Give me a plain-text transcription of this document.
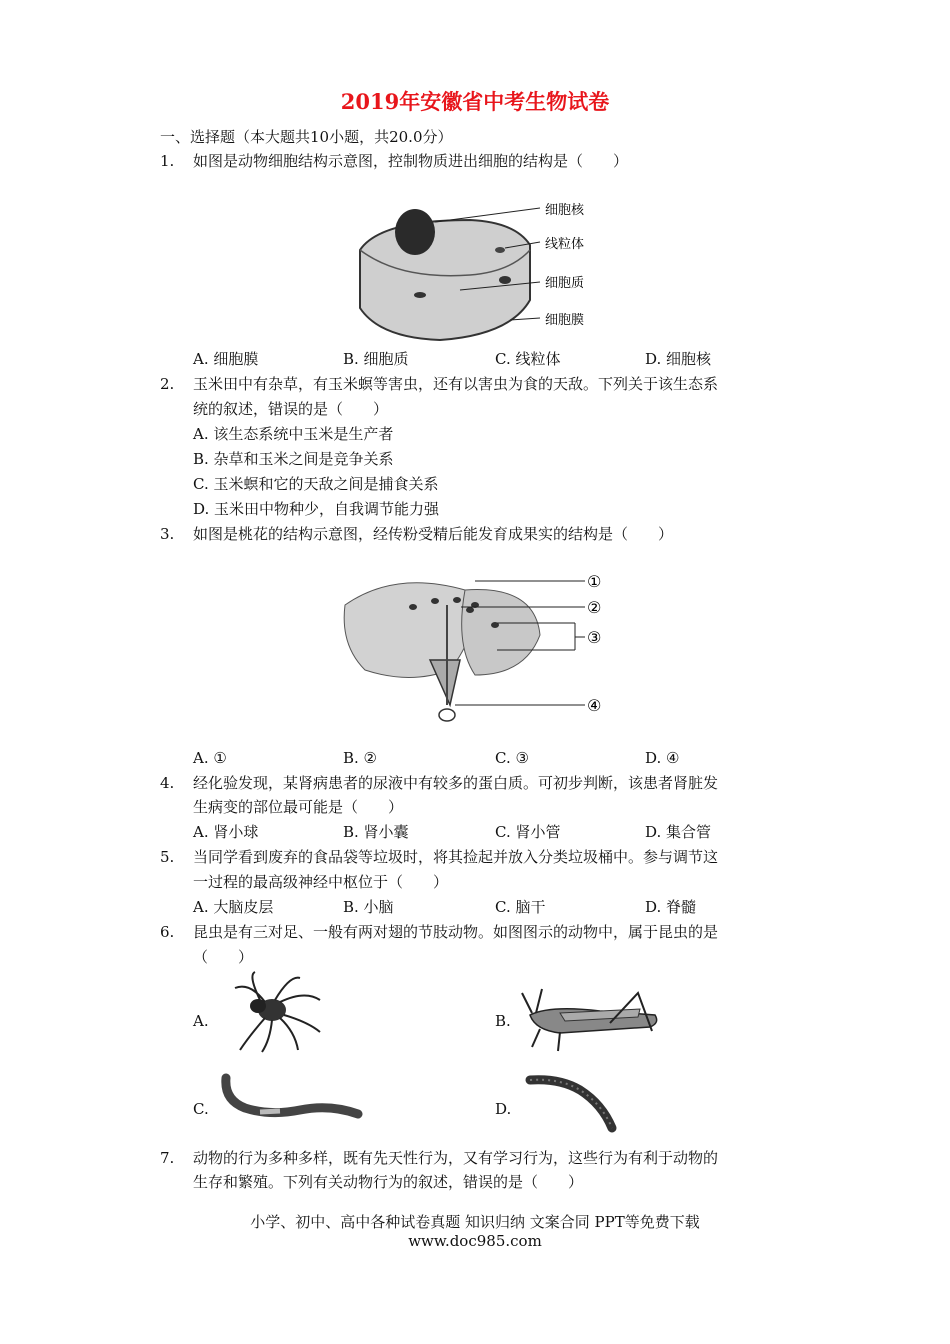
2019年安徽省中考生物试卷
一、选择题（本大题共10小题，共20.0分）
1.	如图是动物细胞结构示意图，控制物质进出细胞的结构是（　　）
细胞核
线粒体
细胞质
细胞膜
A. 细胞膜	B. 细胞质	C. 线粒体	D. 细胞核
2.	玉米田中有杂草，有玉米螟等害虫，还有以害虫为食的天敌。下列关于该生态系
统的叙述，错误的是（　　）
A. 该生态系统中玉米是生产者
B. 杂草和玉米之间是竞争关系
C. 玉米螟和它的天敌之间是捕食关系
D. 玉米田中物种少，自我调节能力强
3.	如图是桃花的结构示意图，经传粉受精后能发育成果实的结构是（　　）
①
②
③
④
A. ①	B. ②	C. ③	D. ④
4.	经化验发现，某肾病患者的尿液中有较多的蛋白质。可初步判断，该患者肾脏发
生病变的部位最可能是（　　）
A. 肾小球	B. 肾小囊	C. 肾小管	D. 集合管
5.	当同学看到废弃的食品袋等垃圾时，将其捡起并放入分类垃圾桶中。参与调节这
一过程的最高级神经中枢位于（　　）
A. 大脑皮层	B. 小脑	C. 脑干	D. 脊髓
6.	昆虫是有三对足、一般有两对翅的节肢动物。如图图示的动物中，属于昆虫的是
（　　）
A.	B.
C.	D.
7.	动物的行为多种多样，既有先天性行为，又有学习行为，这些行为有利于动物的
生存和繁殖。下列有关动物行为的叙述，错误的是（　　）
小学、初中、高中各种试卷真题 知识归纳 文案合同 PPT等免费下载
www.doc985.com
